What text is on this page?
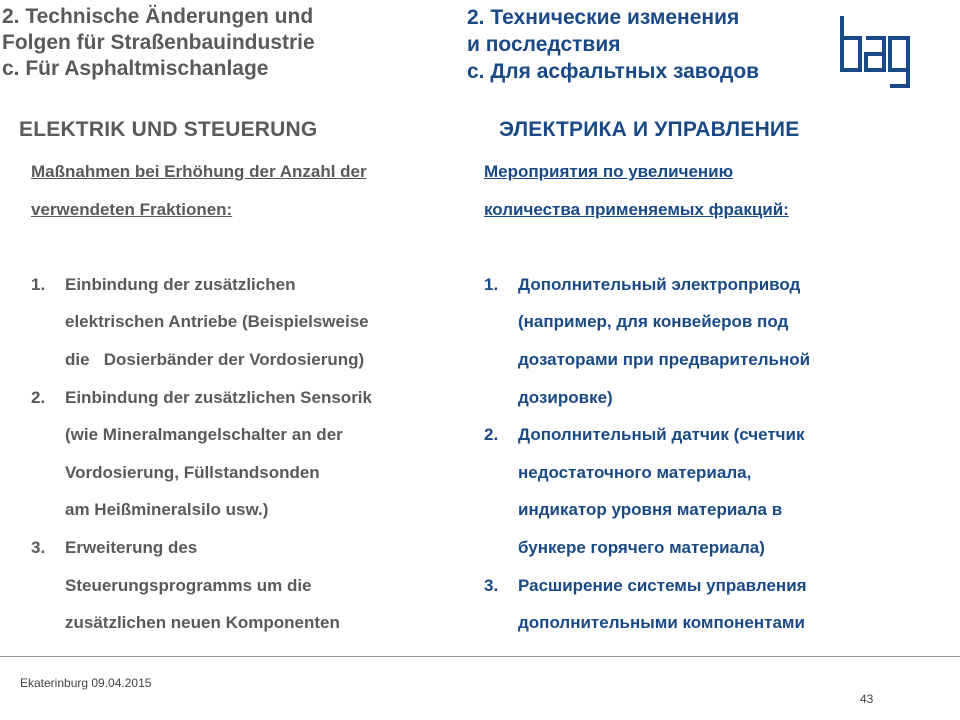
2. Technische Änderungen und
Folgen für Straßenbauindustrie
c. Für Asphaltmischanlage
2. Технические изменения
и последствия
с. Для асфальтных заводов
ELEKTRIK UND STEUERUNG	ЭЛЕКТРИКА И УПРАВЛЕНИЕ
Maßnahmen bei Erhöhung der Anzahl der
verwendeten Fraktionen:
1. Einbindung der zusätzlichen
elektrischen Antriebe (Beispielsweise
die   Dosierbänder der Vordosierung)
2. Einbindung der zusätzlichen Sensorik
(wie Mineralmangelschalter an der
Vordosierung, Füllstandsonden
am Heißmineralsilo usw.)
3. Erweiterung des
Steuerungsprogramms um die
zusätzlichen neuen Komponenten
Мероприятия по увеличению
количества применяемых фракций:
1. Дополнительный электропривод
(например, для конвейеров под
дозаторами при предварительной
дозировке)
2. Дополнительный датчик (счетчик
недостаточного материала,
индикатор уровня материала в
бункере горячего материала)
3. Расширение системы управления
дополнительными компонентами
Ekaterinburg 09.04.2015
43
